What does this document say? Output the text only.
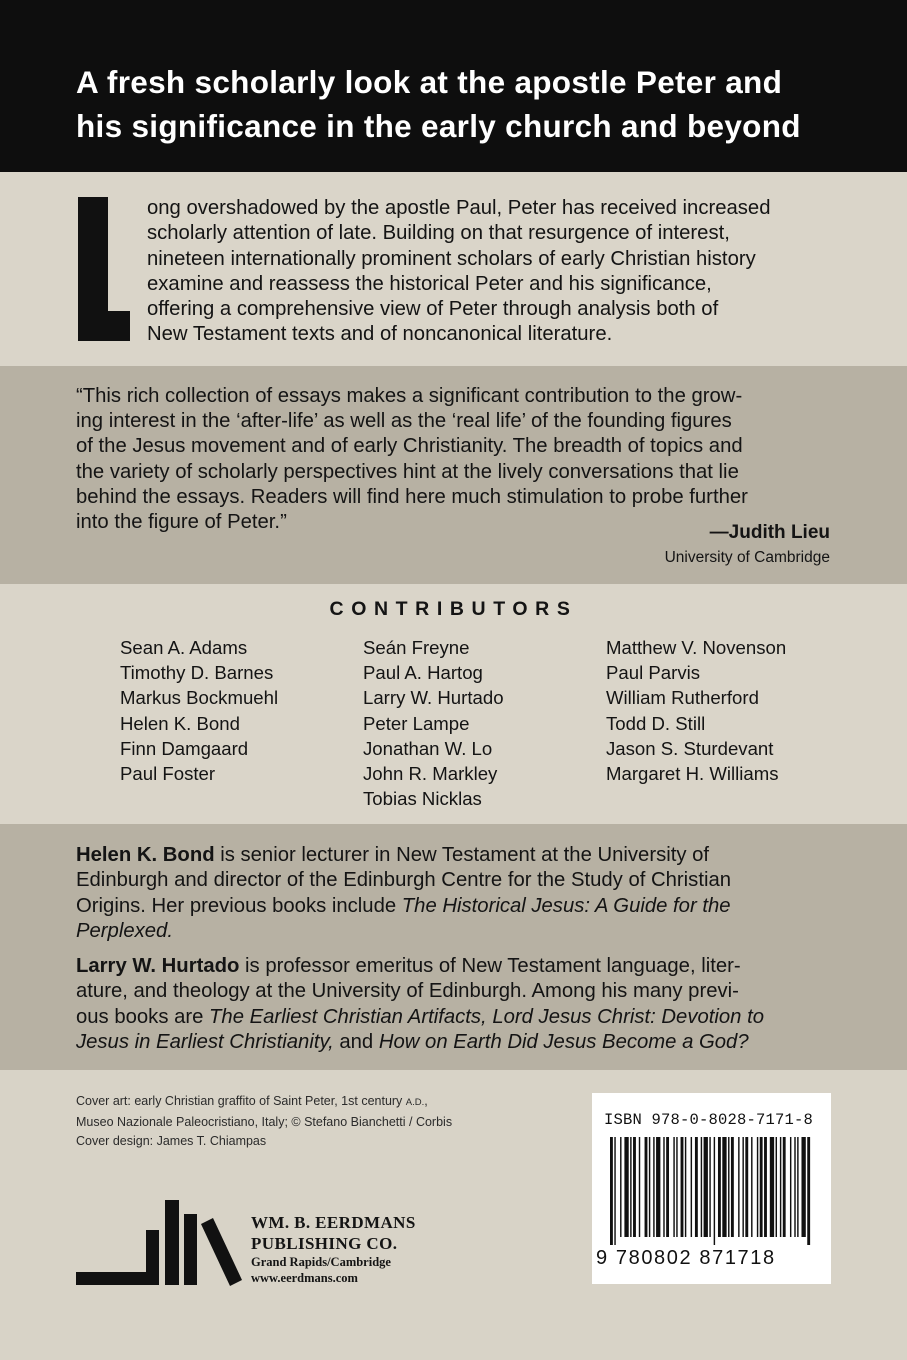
A fresh scholarly look at the apostle Peter and
his significance in the early church and beyond
ong overshadowed by the apostle Paul, Peter has received increased
scholarly attention of late. Building on that resurgence of interest,
nineteen internationally prominent scholars of early Christian history
examine and reassess the historical Peter and his significance,
offering a comprehensive view of Peter through analysis both of
New Testament texts and of noncanonical literature.
“This rich collection of essays makes a significant contribution to the grow-
ing interest in the ‘after-life’ as well as the ‘real life’ of the founding figures
of the Jesus movement and of early Christianity. The breadth of topics and
the variety of scholarly perspectives hint at the lively conversations that lie
behind the essays. Readers will find here much stimulation to probe further
into the figure of Peter.”	—Judith Lieu
University of Cambridge
CONTRIBUTORS
Sean A. Adams
Timothy D. Barnes
Markus Bockmuehl
Helen K. Bond
Finn Damgaard
Paul Foster
Seán Freyne
Paul A. Hartog
Larry W. Hurtado
Peter Lampe
Jonathan W. Lo
John R. Markley
Tobias Nicklas
Matthew V. Novenson
Paul Parvis
William Rutherford
Todd D. Still
Jason S. Sturdevant
Margaret H. Williams
Helen K. Bond is senior lecturer in New Testament at the University of
Edinburgh and director of the Edinburgh Centre for the Study of Christian
Origins. Her previous books include The Historical Jesus: A Guide for the
Perplexed.
Larry W. Hurtado is professor emeritus of New Testament language, liter-
ature, and theology at the University of Edinburgh. Among his many previ-
ous books are The Earliest Christian Artifacts, Lord Jesus Christ: Devotion to
Jesus in Earliest Christianity, and How on Earth Did Jesus Become a God?
Cover art: early Christian graffito of Saint Peter, 1st century A.D.,
Museo Nazionale Paleocristiano, Italy; © Stefano Bianchetti / Corbis
Cover design: James T. Chiampas
WM. B. EERDMANS
PUBLISHING CO.
Grand Rapids/Cambridge
www.eerdmans.com
ISBN 978-0-8028-7171-8
9 780802 871718
